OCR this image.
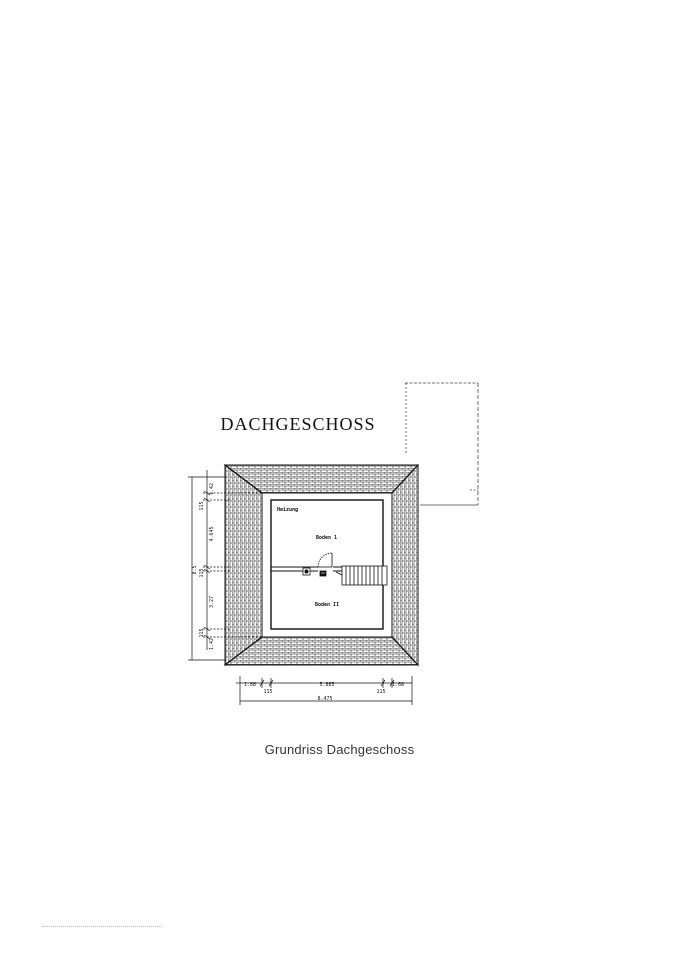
DACHGESCHOSS
Heizung
Boden 1
Boden II
115
1.42
4.645
115
3.27
115
1.42
8.5
1.68	5.885	1.68
115	115
8.475
Grundriss Dachgeschoss
